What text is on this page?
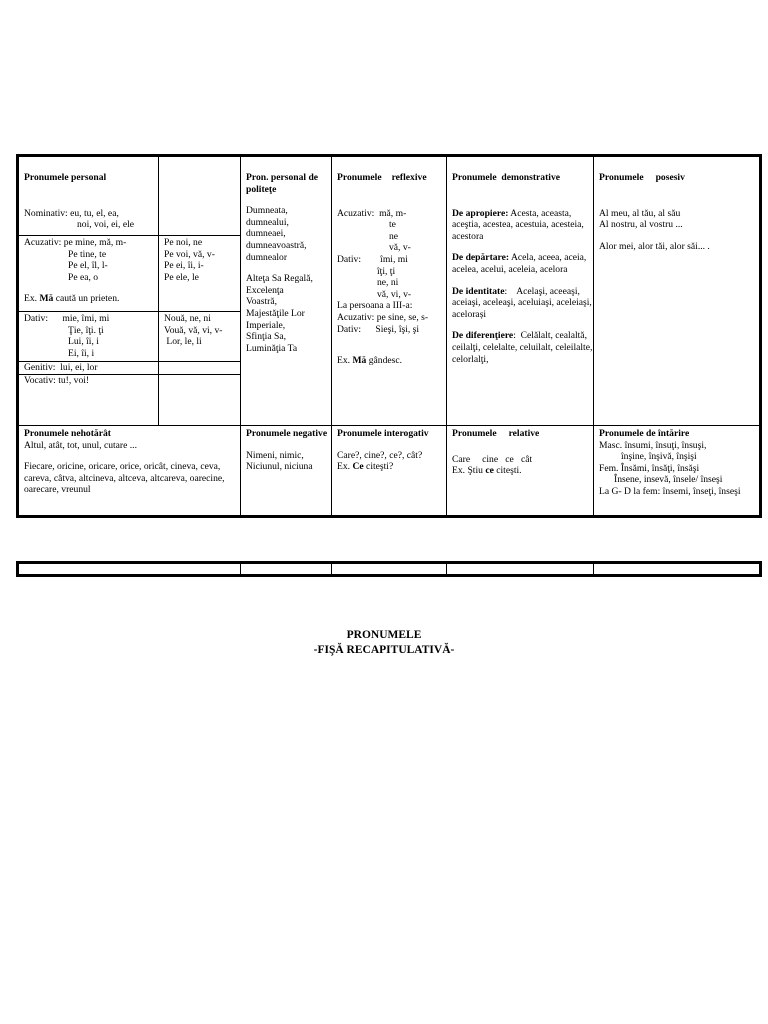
Pronumele personal
Nominativ: eu, tu, el, ea,
noi, voi, ei, ele
Acuzativ: pe mine, mă, m-
Pe tine, te
Pe el, îl, l-
Pe ea, o
Ex. Mă caută un prieten.
Pe noi, ne
Pe voi, vă, v-
Pe ei, îi, i-
Pe ele, le
Dativ:      mie, îmi, mi
Ţie, îţi. ţi
Lui, îi, i
Ei, îi, i
Nouă, ne, ni
Vouă, vă, vi, v-
Lor, le, li
Genitiv:  lui, ei, lor
Vocativ: tu!, voi!
Pron. personal de politeţe
Dumneata,
dumnealui,
dumneaei,
dumneavoastră,
dumnealor
Alteţa Sa Regală,
Excelenţa
Voastră,
Majestăţile Lor
Imperiale,
Sfinţia Sa,
Luminăţia Ta
Pronumele reflexive
Acuzativ:  mă, m-
te
ne
vă, v-
Dativ:        îmi, mi
îţi, ţi
ne, ni
vă, vi, v-
La persoana a III-a:
Acuzativ: pe sine, se, s-
Dativ:      Sieşi, îşi, şi
Ex. Mă gândesc.
Pronumele  demonstrative
De apropiere: Acesta, aceasta, aceştia, acestea, acestuia, acesteia, acestora
De depărtare: Acela, aceea, aceia, acelea, acelui, aceleia, acelora
De identitate:    Acelaşi, aceeaşi, aceiaşi, aceleaşi, aceluiaşi, aceleiaşi, acelorași
De diferenţiere:  Celălalt, cealaltă, ceilalţi, celelalte, celuilalt, celeilalte, celorlalţi,
Pronumele     posesiv
Al meu, al tău, al său
Al nostru, al vostru ...
Alor mei, alor tăi, alor săi... .
Pronumele nehotărât
Altul, atât, tot, unul, cutare ...
Fiecare, oricine, oricare, orice, oricât, cineva, ceva, careva, câtva, altcineva, altceva, altcareva, oarecine, oarecare, vreunul
Pronumele negative
Nimeni, nimic, Niciunul, niciuna
Pronumele interogativ
Care?, cine?, ce?, cât?
Ex. Ce citeşti?
Pronumele     relative
Care     cine   ce   cât
Ex. Ştiu ce citeşti.
Pronumele de întărire
Masc. însumi, însuţi, însuşi,
înşine, înşivă, înşişi
Fem. Însămi, însăţi, însăşi
Însene, insevă, însele/ înseşi
La G- D la fem: însemi, înseţi, înseşi
PRONUMELE
-FIŞĂ RECAPITULATIVĂ-
